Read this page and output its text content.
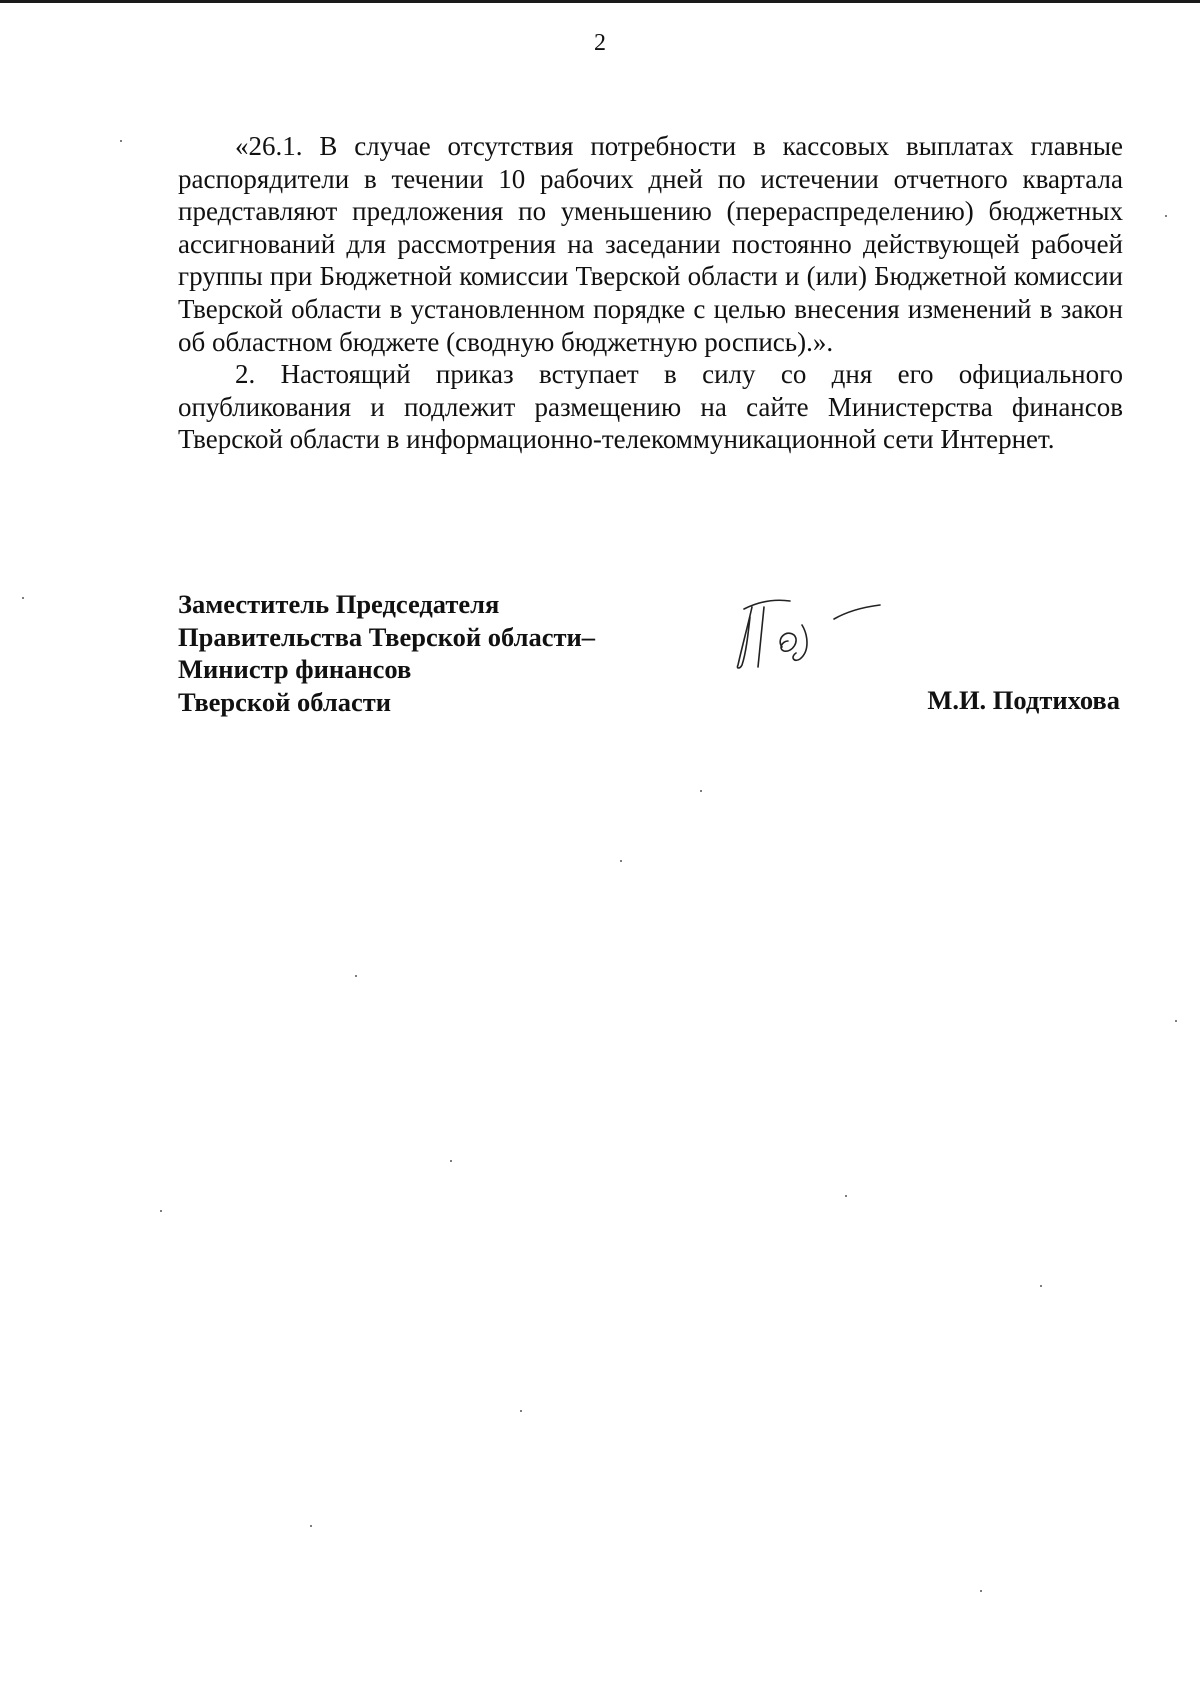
2

«26.1. В случае отсутствия потребности в кассовых выплатах главные распорядители в течении 10 рабочих дней по истечении отчетного квартала представляют предложения по уменьшению (перераспределению) бюджетных ассигнований для рассмотрения на заседании постоянно действующей рабочей группы при Бюджетной комиссии Тверской области и (или) Бюджетной комиссии Тверской области в установленном порядке с целью внесения изменений в закон об областном бюджете (сводную бюджетную роспись).».

2. Настоящий приказ вступает в силу со дня его официального опубликования и подлежит размещению на сайте Министерства финансов Тверской области в информационно-телекоммуникационной сети Интернет.

Заместитель Председателя
Правительства Тверской области–
Министр финансов
Тверской области	М.И. Подтихова
